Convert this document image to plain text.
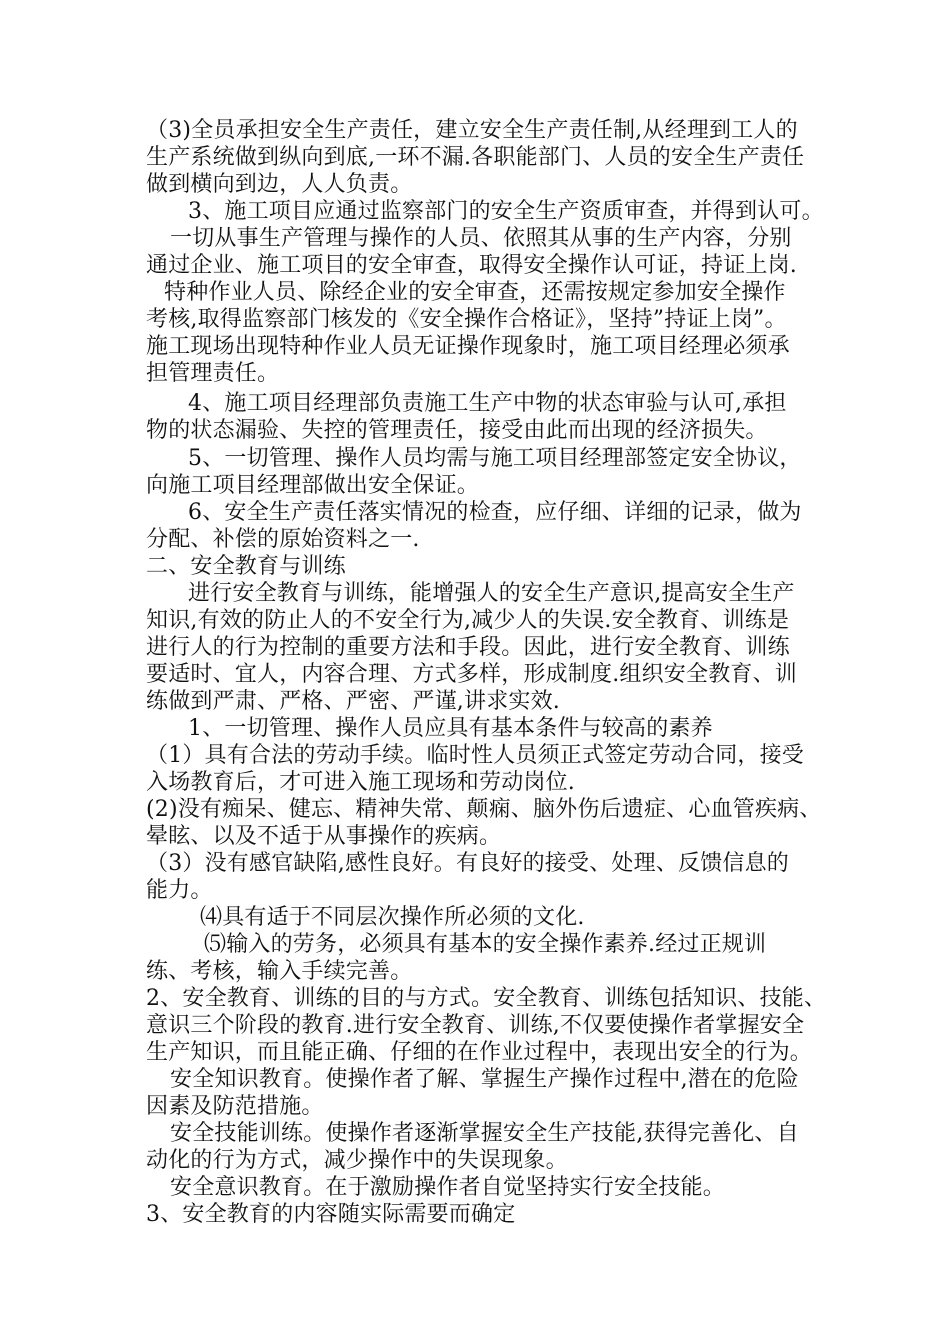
（3)全员承担安全生产责任，建立安全生产责任制,从经理到工人的
生产系统做到纵向到底,一环不漏.各职能部门、人员的安全生产责任
做到横向到边，人人负责。
3、施工项目应通过监察部门的安全生产资质审查，并得到认可。
一切从事生产管理与操作的人员、依照其从事的生产内容，分别
通过企业、施工项目的安全审查，取得安全操作认可证，持证上岗.
特种作业人员、除经企业的安全审查，还需按规定参加安全操作
考核,取得监察部门核发的《安全操作合格证》，坚持”持证上岗”。
施工现场出现特种作业人员无证操作现象时，施工项目经理必须承
担管理责任。
4、施工项目经理部负责施工生产中物的状态审验与认可,承担
物的状态漏验、失控的管理责任，接受由此而出现的经济损失。
5、一切管理、操作人员均需与施工项目经理部签定安全协议，
向施工项目经理部做出安全保证。
6、安全生产责任落实情况的检查，应仔细、详细的记录，做为
分配、补偿的原始资料之一.
二、安全教育与训练
进行安全教育与训练，能增强人的安全生产意识,提高安全生产
知识,有效的防止人的不安全行为,减少人的失误.安全教育、训练是
进行人的行为控制的重要方法和手段。因此，进行安全教育、训练
要适时、宜人，内容合理、方式多样，形成制度.组织安全教育、训
练做到严肃、严格、严密、严谨,讲求实效.
1、一切管理、操作人员应具有基本条件与较高的素养
（1）具有合法的劳动手续。临时性人员须正式签定劳动合同，接受
入场教育后，才可进入施工现场和劳动岗位.
(2)没有痴呆、健忘、精神失常、颠痫、脑外伤后遗症、心血管疾病、
晕眩、以及不适于从事操作的疾病。
（3）没有感官缺陷,感性良好。有良好的接受、处理、反馈信息的
能力。
⑷具有适于不同层次操作所必须的文化.
⑸输入的劳务，必须具有基本的安全操作素养.经过正规训
练、考核，输入手续完善。
2、安全教育、训练的目的与方式。安全教育、训练包括知识、技能、
意识三个阶段的教育.进行安全教育、训练,不仅要使操作者掌握安全
生产知识，而且能正确、仔细的在作业过程中，表现出安全的行为。
安全知识教育。使操作者了解、掌握生产操作过程中,潜在的危险
因素及防范措施。
安全技能训练。使操作者逐渐掌握安全生产技能,获得完善化、自
动化的行为方式，减少操作中的失误现象。
安全意识教育。在于激励操作者自觉坚持实行安全技能。
3、安全教育的内容随实际需要而确定
